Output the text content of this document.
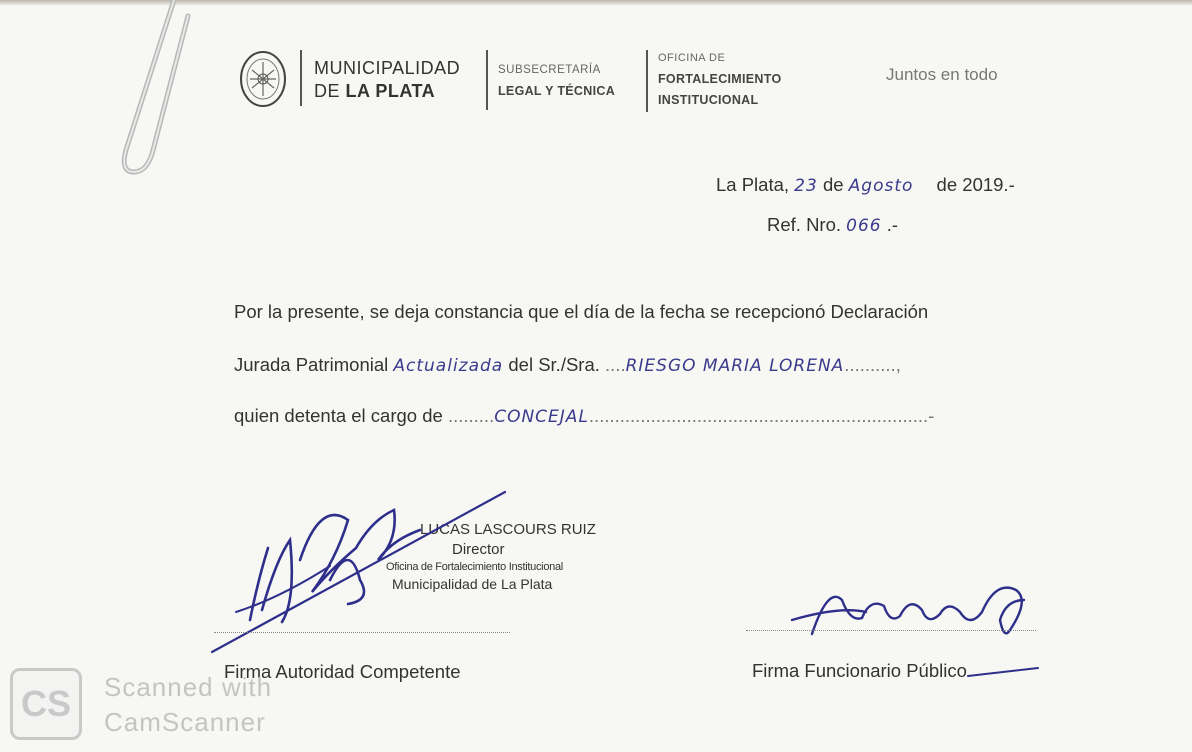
MUNICIPALIDAD
DE LA PLATA
SUBSECRETARÍA
LEGAL Y TÉCNICA
OFICINA DE
FORTALECIMIENTO
INSTITUCIONAL
Juntos en todo
La Plata, 23 de Agosto de 2019.-
Ref. Nro. 066 .-
Por la presente, se deja constancia que el día de la fecha se recepcionó Declaración
Jurada Patrimonial Actualizada del Sr./Sra. ....RIESGO MARIA LORENA..........,
quien detenta el cargo de .........CONCEJAL..................................................................-
LUCAS LASCOURS RUIZ
Director
Oficina de Fortalecimiento Institucional
Municipalidad de La Plata
Firma Autoridad Competente	Firma Funcionario Público
CS	Scanned with
CamScanner
